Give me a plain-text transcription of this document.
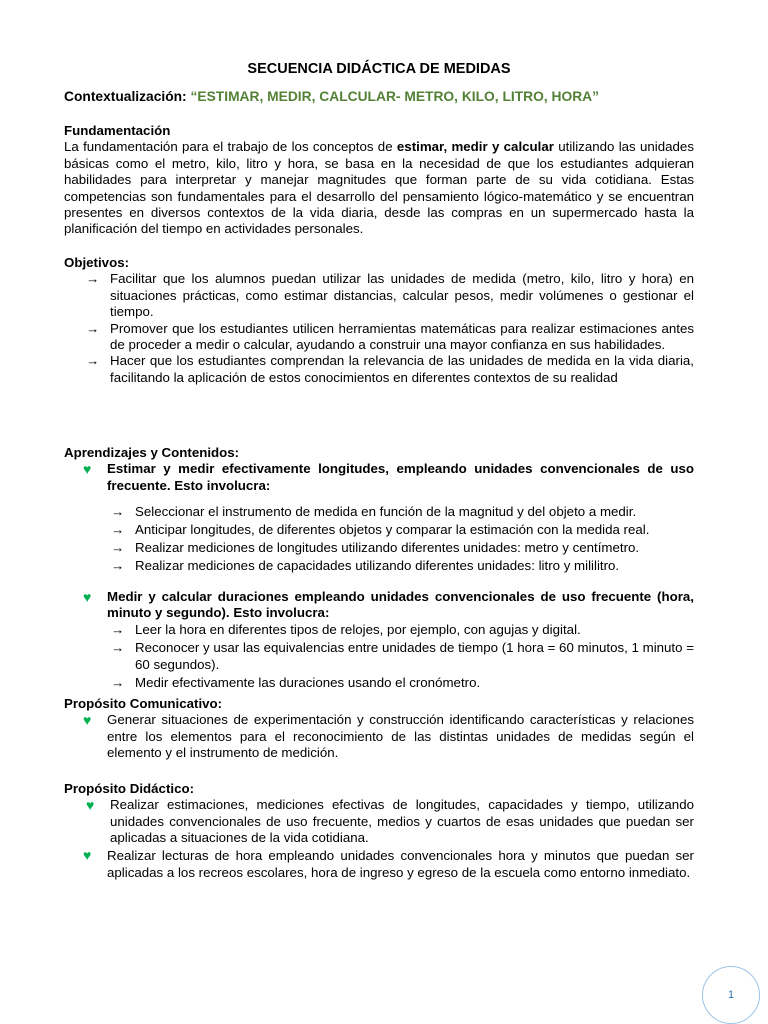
SECUENCIA DIDÁCTICA DE MEDIDAS
Contextualización: “ESTIMAR, MEDIR, CALCULAR- METRO, KILO, LITRO, HORA”
Fundamentación
La fundamentación para el trabajo de los conceptos de estimar, medir y calcular utilizando las unidades básicas como el metro, kilo, litro y hora, se basa en la necesidad de que los estudiantes adquieran habilidades para interpretar y manejar magnitudes que forman parte de su vida cotidiana. Estas competencias son fundamentales para el desarrollo del pensamiento lógico-matemático y se encuentran presentes en diversos contextos de la vida diaria, desde las compras en un supermercado hasta la planificación del tiempo en actividades personales.
Objetivos:
→ Facilitar que los alumnos puedan utilizar las unidades de medida (metro, kilo, litro y hora) en situaciones prácticas, como estimar distancias, calcular pesos, medir volúmenes o gestionar el tiempo.
→ Promover que los estudiantes utilicen herramientas matemáticas para realizar estimaciones antes de proceder a medir o calcular, ayudando a construir una mayor confianza en sus habilidades.
→ Hacer que los estudiantes comprendan la relevancia de las unidades de medida en la vida diaria, facilitando la aplicación de estos conocimientos en diferentes contextos de su realidad
Aprendizajes y Contenidos:
♥ Estimar y medir efectivamente longitudes, empleando unidades convencionales de uso frecuente. Esto involucra:
→ Seleccionar el instrumento de medida en función de la magnitud y del objeto a medir.
→ Anticipar longitudes, de diferentes objetos y comparar la estimación con la medida real.
→ Realizar mediciones de longitudes utilizando diferentes unidades: metro y centímetro.
→ Realizar mediciones de capacidades utilizando diferentes unidades: litro y mililitro.
♥ Medir y calcular duraciones empleando unidades convencionales de uso frecuente (hora, minuto y segundo). Esto involucra:
→ Leer la hora en diferentes tipos de relojes, por ejemplo, con agujas y digital.
→ Reconocer y usar las equivalencias entre unidades de tiempo (1 hora = 60 minutos, 1 minuto = 60 segundos).
→ Medir efectivamente las duraciones usando el cronómetro.
Propósito Comunicativo:
♥ Generar situaciones de experimentación y construcción identificando características y relaciones entre los elementos para el reconocimiento de las distintas unidades de medidas según el elemento y el instrumento de medición.
Propósito Didáctico:
♥ Realizar estimaciones, mediciones efectivas de longitudes, capacidades y tiempo, utilizando unidades convencionales de uso frecuente, medios y cuartos de esas unidades que puedan ser aplicadas a situaciones de la vida cotidiana.
♥ Realizar lecturas de hora empleando unidades convencionales hora y minutos que puedan ser aplicadas a los recreos escolares, hora de ingreso y egreso de la escuela como entorno inmediato.
1
